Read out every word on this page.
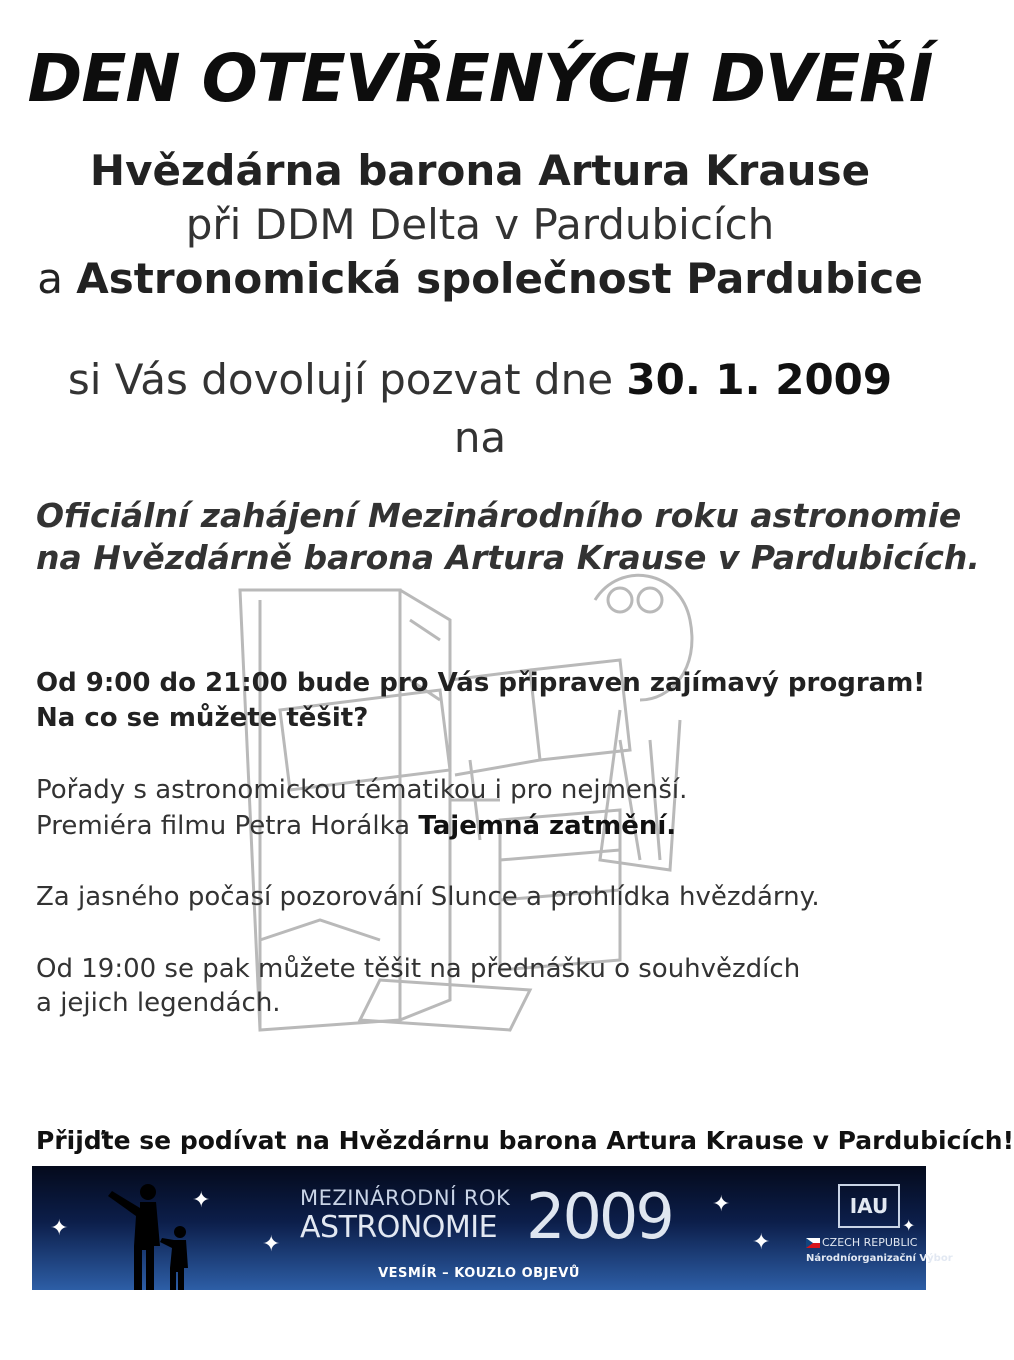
DEN OTEVŘENÝCH DVEŘÍ
Hvězdárna barona Artura Krause
při DDM Delta v Pardubicích
a Astronomická společnost Pardubice
si Vás dovolují pozvat dne 30. 1. 2009
na
Oficiální zahájení Mezinárodního roku astronomie
na Hvězdárně barona Artura Krause v Pardubicích.
Od 9:00 do 21:00 bude pro Vás připraven zajímavý program!
Na co se můžete těšit?
Pořady s astronomickou tématikou i pro nejmenší.
Premiéra filmu Petra Horálka Tajemná zatmění.
Za jasného počasí pozorování Slunce a prohlídka hvězdárny.
Od 19:00 se pak můžete těšit na přednášku o souhvězdích
a jejich legendách.
Přijďte se podívat na Hvězdárnu barona Artura Krause v Pardubicích!
✦
✦
✦
✦
✦
✦
MEZINÁRODNÍ ROK
ASTRONOMIE 2009
VESMÍR – KOUZLO OBJEVŮ
IAU
CZECH REPUBLIC
Národníorganizační Výbor
